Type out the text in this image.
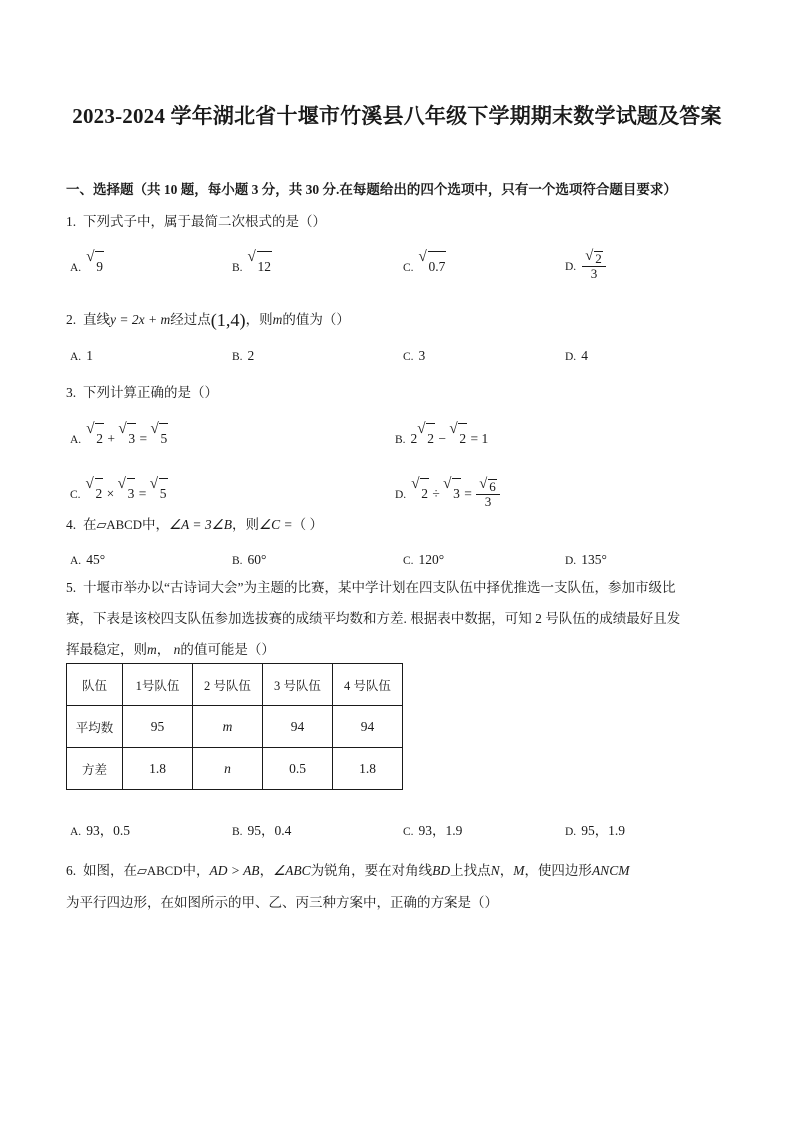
2023-2024 学年湖北省十堰市竹溪县八年级下学期期末数学试题及答案
一、选择题（共 10 题，每小题 3 分，共 30 分.在每题给出的四个选项中，只有一个选项符合题目要求）
1. 下列式子中，属于最简二次根式的是（）
A.
√
9	B.
√
12	C.
√
0.7	D. $\frac{√ 2}{3}$
2. 直线y = 2x + m经过点(1,4)，则m的值为（）
A. 1	B. 2	C. 3	D. 4
3. 下列计算正确的是（）
A.
√
2 +
√
3 =
√
5	B. 2
√
2 −
√
2 = 1
C.
√
2 ×
√
3 =
√
5	D.
√
2 ÷
√
$3 = \frac{√ 6}{3}$
4. 在▱ABCD中，∠A = 3∠B，则∠C =（ ）
A. 45°	B. 60°	C. 120°	D. 135°
5. 十堰市举办以“古诗词大会”为主题的比赛，某中学计划在四支队伍中择优推选一支队伍，参加市级比
赛，下表是该校四支队伍参加选拔赛的成绩平均数和方差. 根据表中数据，可知 2 号队伍的成绩最好且发
挥最稳定，则m， n的值可能是（）
队伍	1号队伍	2 号队伍	3 号队伍	4 号队伍
平均数	95	m	94	94
方差	1.8	n	0.5	1.8
A. 93，0.5	B. 95，0.4	C. 93，1.9	D. 95，1.9
6. 如图，在▱ABCD中，AD > AB，∠ABC为锐角，要在对角线BD上找点N，M，使四边形ANCM
为平行四边形，在如图所示的甲、乙、丙三种方案中，正确的方案是（）
